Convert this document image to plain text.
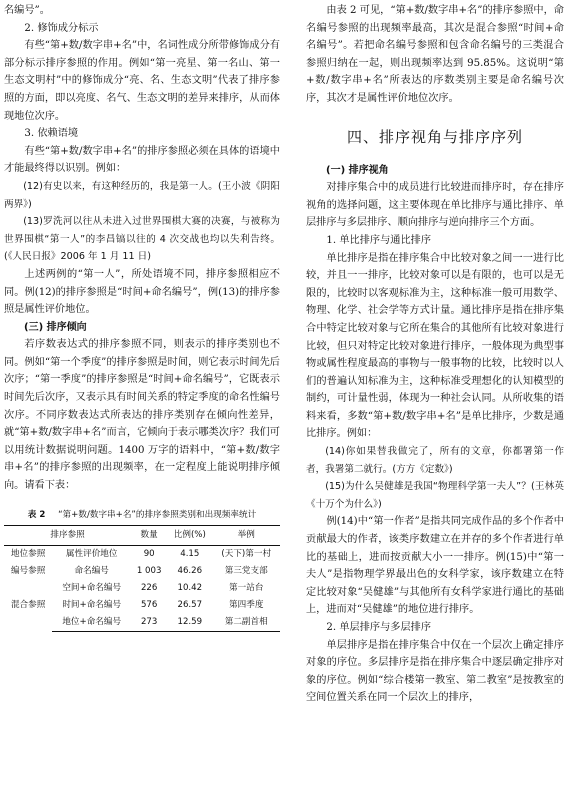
名编号”。

2. 修饰成分标示

有些“第+数/数字串+名”中，名词性成分所带修饰成分有部分标示排序参照的作用。例如“第一亮星、第一名山、第一生态文明村”中的修饰成分“亮、名、生态文明”代表了排序参照的方面，即以亮度、名气、生态文明的差异来排序，从而体现地位次序。

3. 依赖语境

有些“第+数/数字串+名”的排序参照必须在具体的语境中才能最终得以识别。例如：

(12)有史以来，有这种经历的，我是第一人。(王小波《阴阳两界》)

(13)罗洗河以往从未进入过世界围棋大赛的决赛，与被称为世界围棋“第一人”的李昌镐以往的 4 次交战也均以失利告终。(《人民日报》2006 年 1 月 11 日)

上述两例的“第一人”，所处语境不同，排序参照相应不同。例(12)的排序参照是“时间+命名编号”，例(13)的排序参照是属性评价地位。

(三) 排序倾向

若序数表达式的排序参照不同，则表示的排序类别也不同。例如“第一个季度”的排序参照是时间，则它表示时间先后次序；“第一季度”的排序参照是“时间+命名编号”，它既表示时间先后次序，又表示具有时间关系的特定季度的命名性编号次序。不同序数表达式所表达的排序类别存在倾向性差异，就“第+数/数字串+名”而言，它倾向于表示哪类次序？我们可以用统计数据说明问题。1400 万字的语料中，“第+数/数字串+名”的排序参照的出现频率，在一定程度上能说明排序倾向。请看下表：

表 2 “第+数/数字串+名”的排序参照类别和出现频率统计
排序参照		数量	比例(%)	举例
地位参照	属性评价地位	90	4.15	(天下)第一村
编号参照	命名编号	1 003	46.26	第三党支部
混合参照	空间+命名编号	226	10.42	第一站台
	时间+命名编号	576	26.57	第四季度
	地位+命名编号	273	12.59	第二副首相

由表 2 可见，“第+数/数字串+名”的排序参照中，命名编号参照的出现频率最高，其次是混合参照“时间+命名编号”。若把命名编号参照和包含命名编号的三类混合参照归纳在一起，则出现频率达到 95.85%。这说明“第+数/数字串+名”所表达的序数类别主要是命名编号次序，其次才是属性评价地位次序。

四、排序视角与排序序列

(一) 排序视角

对排序集合中的成员进行比较进而排序时，存在排序视角的选择问题，这主要体现在单比排序与通比排序、单层排序与多层排序、顺向排序与逆向排序三个方面。

1. 单比排序与通比排序

单比排序是指在排序集合中比较对象之间一一进行比较，并且一一排序，比较对象可以是有限的，也可以是无限的，比较时以客观标准为主，这种标准一般可用数学、物理、化学、社会学等方式计量。通比排序是指在排序集合中特定比较对象与它所在集合的其他所有比较对象进行比较，但只对特定比较对象进行排序，一般体现为典型事物或属性程度最高的事物与一般事物的比较，比较时以人们的普遍认知标准为主，这种标准受理想化的认知模型的制约，可计量性弱，体现为一种社会认同。从所收集的语料来看，多数“第+数/数字串+名”是单比排序，少数是通比排序。例如：

(14)你如果替我做完了，所有的文章，你都署第一作者，我署第二就行。(方方《定数》)

(15)为什么吴健雄是我国“物理科学第一夫人”？(王林英《十万个为什么》)

例(14)中“第一作者”是指共同完成作品的多个作者中贡献最大的作者，该类序数建立在并存的多个作者进行单比的基础上，进而按贡献大小一一排序。例(15)中“第一夫人”是指物理学界最出色的女科学家，该序数建立在特定比较对象“吴健雄”与其他所有女科学家进行通比的基础上，进而对“吴健雄”的地位进行排序。

2. 单层排序与多层排序

单层排序是指在排序集合中仅在一个层次上确定排序对象的序位。多层排序是指在排序集合中逐层确定排序对象的序位。例如“综合楼第一教室、第二教室”是按教室的空间位置关系在同一个层次上的排序，
